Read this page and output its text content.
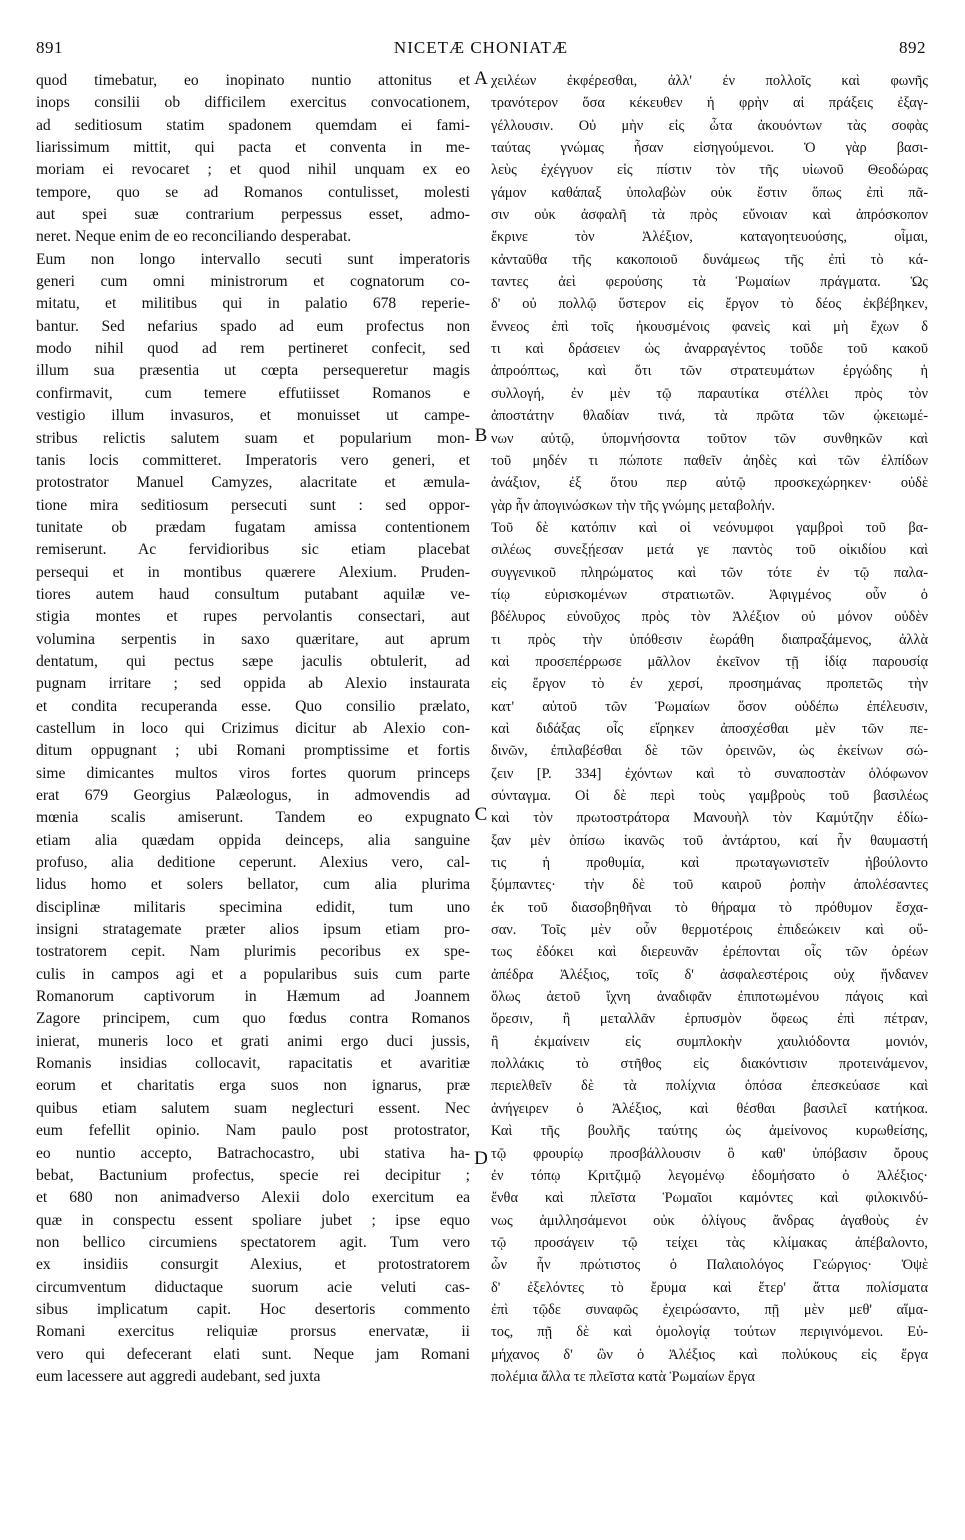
891	NICETÆ CHONIATÆ	892
quod timebatur, eo inopinato nuntio attonitus et
inops consilii ob difficilem exercitus convocationem,
ad seditiosum statim spadonem quemdam ei fami-
liarissimum mittit, qui pacta et conventa in me-
moriam ei revocaret ; et quod nihil unquam ex eo
tempore, quo se ad Romanos contulisset, molesti
aut spei suæ contrarium perpessus esset, admo-
neret. Neque enim de eo reconciliando desperabat.
Eum non longo intervallo secuti sunt imperatoris
generi cum omni ministrorum et cognatorum co-
mitatu, et militibus qui in palatio 678 reperie-
bantur. Sed nefarius spado ad eum profectus non
modo nihil quod ad rem pertineret confecit, sed
illum sua præsentia ut cœpta persequeretur magis
confirmavit, cum temere effutiisset Romanos e
vestigio illum invasuros, et monuisset ut campe-
stribus relictis salutem suam et popularium mon-
tanis locis committeret. Imperatoris vero generi, et
protostrator Manuel Camyzes, alacritate et æmula-
tione mira seditiosum persecuti sunt : sed oppor-
tunitate ob prædam fugatam amissa contentionem
remiserunt. Ac fervidioribus sic etiam placebat
persequi et in montibus quærere Alexium. Pruden-
tiores autem haud consultum putabant aquilæ ve-
stigia montes et rupes pervolantis consectari, aut
volumina serpentis in saxo quæritare, aut aprum
dentatum, qui pectus sæpe jaculis obtulerit, ad
pugnam irritare ; sed oppida ab Alexio instaurata
et condita recuperanda esse. Quo consilio prælato,
castellum in loco qui Crizimus dicitur ab Alexio con-
ditum oppugnant ; ubi Romani promptissime et fortis
sime dimicantes multos viros fortes quorum princeps
erat 679 Georgius Palæologus, in admovendis ad
mœnia scalis amiserunt. Tandem eo expugnato
etiam alia quædam oppida deinceps, alia sanguine
profuso, alia deditione ceperunt. Alexius vero, cal-
lidus homo et solers bellator, cum alia plurima
disciplinæ militaris specimina edidit, tum uno
insigni stratagemate præter alios ipsum etiam pro-
tostratorem cepit. Nam plurimis pecoribus ex spe-
culis in campos agi et a popularibus suis cum parte
Romanorum captivorum in Hæmum ad Joannem
Zagore principem, cum quo fœdus contra Romanos
inierat, muneris loco et grati animi ergo duci jussis,
Romanis insidias collocavit, rapacitatis et avaritiæ
eorum et charitatis erga suos non ignarus, præ
quibus etiam salutem suam neglecturi essent. Nec
eum fefellit opinio. Nam paulo post protostrator,
eo nuntio accepto, Batrachocastro, ubi stativa ha-
bebat, Bactunium profectus, specie rei decipitur ;
et 680 non animadverso Alexii dolo exercitum ea
quæ in conspectu essent spoliare jubet ; ipse equo
non bellico circumiens spectatorem agit. Tum vero
ex insidiis consurgit Alexius, et protostratorem
circumventum diductaque suorum acie veluti cas-
sibus implicatum capit. Hoc desertoris commento
Romani exercitus reliquiæ prorsus enervatæ, ii
vero qui defecerant elati sunt. Neque jam Romani
eum lacessere aut aggredi audebant, sed juxta
χειλέων ἐκφέρεσθαι, ἀλλ' ἐν πολλοῖς καὶ φωνῆς
τρανότερον ὅσα κέκευθεν ἡ φρὴν αἱ πράξεις ἐξαγ-
γέλλουσιν. Οὐ μὴν εἰς ὦτα ἀκουόντων τὰς σοφὰς
ταύτας γνώμας ἦσαν εἰσηγούμενοι. Ὁ γὰρ βασι-
λεὺς ἐχέγγυον εἰς πίστιν τὸν τῆς υἱωνοῦ Θεοδώρας
γάμον καθάπαξ ὑπολαβὼν οὐκ ἔστιν ὅπως ἐπὶ πᾶ-
σιν οὐκ ἀσφαλῆ τὰ πρὸς εὔνοιαν καὶ ἀπρόσκοπον
ἔκρινε τὸν Ἀλέξιον, καταγοητευούσης, οἶμαι,
κἀνταῦθα τῆς κακοποιοῦ δυνάμεως τῆς ἐπὶ τὸ κά-
ταντες ἀεὶ φερούσης τὰ Ῥωμαίων πράγματα. Ὡς
δ' οὐ πολλῷ ὕστερον εἰς ἔργον τὸ δέος ἐκβέβηκεν,
ἔννεος ἐπὶ τοῖς ἠκουσμένοις φανεὶς καὶ μὴ ἔχων δ
τι καὶ δράσειεν ὡς ἀναρραγέντος τοῦδε τοῦ κακοῦ
ἀπροόπτως, καὶ ὅτι τῶν στρατευμάτων ἐργώδης ἡ
συλλογή, ἐν μὲν τῷ παραυτίκα στέλλει πρὸς τὸν
ἀποστάτην θλαδίαν τινά, τὰ πρῶτα τῶν ᾠκειωμέ-
νων αὐτῷ, ὑπομνήσοντα τοῦτον τῶν συνθηκῶν καὶ
τοῦ μηδέν τι πώποτε παθεῖν ἀηδὲς καὶ τῶν ἐλπίδων
ἀνάξιον, ἐξ ὅτου περ αὐτῷ προσκεχώρηκεν· οὐδὲ
γὰρ ἦν ἀπογινώσκων τὴν τῆς γνώμης μεταβολήν.
Τοῦ δὲ κατόπιν καὶ οἱ νεόνυμφοι γαμβροὶ τοῦ βα-
σιλέως συνεξῄεσαν μετά γε παντὸς τοῦ οἰκιδίου καὶ
συγγενικοῦ πληρώματος καὶ τῶν τότε ἐν τῷ παλα-
τίῳ εὑρισκομένων στρατιωτῶν. Ἀφιγμένος οὖν ὁ
βδέλυρος εὐνοῦχος πρὸς τὸν Ἀλέξιον οὐ μόνον οὐδὲν
τι πρὸς τὴν ὑπόθεσιν ἑωράθη διαπραξάμενος, ἀλλὰ
καὶ προσεπέρρωσε μᾶλλον ἐκεῖνον τῇ ἰδίᾳ παρουσίᾳ
εἰς ἔργον τὸ ἐν χερσί, προσημάνας προπετῶς τὴν
κατ' αὐτοῦ τῶν Ῥωμαίων ὅσον οὐδέπω ἐπέλευσιν,
καὶ διδάξας οἷς εἴρηκεν ἀποσχέσθαι μὲν τῶν πε-
δινῶν, ἐπιλαβέσθαι δὲ τῶν ὀρεινῶν, ὡς ἐκείνων σώ-
ζειν [P. 334] ἐχόντων καὶ τὸ συναποστὰν ὁλόφωνον
σύνταγμα. Οἱ δὲ περὶ τοὺς γαμβροὺς τοῦ βασιλέως
καὶ τὸν πρωτοστράτορα Μανουὴλ τὸν Καμύτζην ἐδίω-
ξαν μὲν ὀπίσω ἱκανῶς τοῦ ἀντάρτου, καί ἦν θαυμαστή
τις ἡ προθυμία, καὶ πρωταγωνιστεῖν ἠβούλοντο
ξύμπαντες· τὴν δὲ τοῦ καιροῦ ῥοπὴν ἀπολέσαντες
ἐκ τοῦ διασοβηθῆναι τὸ θήραμα τὸ πρόθυμον ἔσχα-
σαν. Τοῖς μὲν οὖν θερμοτέροις ἐπιδεώκειν καὶ οὕ-
τως ἐδόκει καὶ διερευνᾶν ἐρέπονται οἷς τῶν ὀρέων
ἀπέδρα Ἀλέξιος, τοῖς δ' ἀσφαλεστέροις οὐχ ἥνδανεν
ὅλως ἀετοῦ ἴχνη ἀναδιφᾶν ἐπιποτωμένου πάγοις καὶ
ὄρεσιν, ἢ μεταλλᾶν ἑρπυσμὸν ὄφεως ἐπὶ πέτραν,
ἢ ἐκμαίνειν εἰς συμπλοκὴν χαυλιόδοντα μονιόν,
πολλάκις τὸ στῆθος εἰς διακόντισιν προτεινάμενον,
περιελθεῖν δὲ τὰ πολίχνια ὁπόσα ἐπεσκεύασε καὶ
ἀνήγειρεν ὁ Ἀλέξιος, καὶ θέσθαι βασιλεῖ κατήκοα.
Καὶ τῆς βουλῆς ταύτης ὡς ἀμείνονος κυρωθείσης,
τῷ φρουρίῳ προσβάλλουσιν ὃ καθ' ὑπόβασιν ὄρους
ἐν τόπῳ Κριτζιμῷ λεγομένῳ ἐδομήσατο ὁ Ἀλέξιος·
ἔνθα καὶ πλεῖστα Ῥωμαῖοι καμόντες καὶ φιλοκινδύ-
νως ἁμιλλησάμενοι οὐκ ὀλίγους ἄνδρας ἀγαθοὺς ἐν
τῷ προσάγειν τῷ τείχει τὰς κλίμακας ἀπέβαλοντο,
ὧν ἦν πρώτιστος ὁ Παλαιολόγος Γεώργιος· Ὀψὲ
δ' ἐξελόντες τὸ ἔρυμα καὶ ἕτερ' ἄττα πολίσματα
ἐπὶ τῷδε συναφῶς ἐχειρώσαντο, πῇ μὲν μεθ' αἵμα-
τος, πῇ δὲ καὶ ὁμολογίᾳ τούτων περιγινόμενοι. Εὐ-
μήχανος δ' ὢν ὁ Ἀλέξιος καὶ πολύκους εἰς ἔργα
πολέμια ἄλλα τε πλεῖστα κατὰ Ῥωμαίων ἔργα
A
B
C
D
